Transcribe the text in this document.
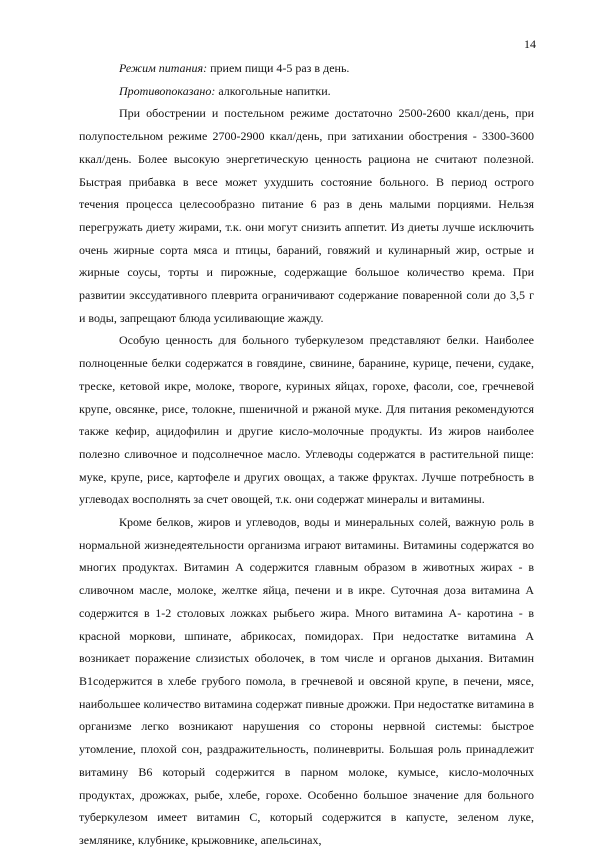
14

Режим питания: прием пищи 4-5 раз в день.

Противопоказано: алкогольные напитки.

При обострении и постельном режиме достаточно 2500-2600 ккал/день, при полупостельном режиме 2700-2900 ккал/день, при затихании обострения - 3300-3600 ккал/день. Более высокую энергетическую ценность рациона не считают полезной. Быстрая прибавка в весе может ухудшить состояние больного. В период острого течения процесса целесообразно питание 6 раз в день малыми порциями. Нельзя перегружать диету жирами, т.к. они могут снизить аппетит. Из диеты лучше исключить очень жирные сорта мяса и птицы, бараний, говяжий и кулинарный жир, острые и жирные соусы, торты и пирожные, содержащие большое количество крема. При развитии экссудативного плеврита ограничивают содержание поваренной соли до 3,5 г и воды, запрещают блюда усиливающие жажду.

Особую ценность для больного туберкулезом представляют белки. Наиболее полноценные белки содержатся в говядине, свинине, баранине, курице, печени, судаке, треске, кетовой икре, молоке, твороге, куриных яйцах, горохе, фасоли, сое, гречневой крупе, овсянке, рисе, толокне, пшеничной и ржаной муке. Для питания рекомендуются также кефир, ацидофилин и другие кисло-молочные продукты. Из жиров наиболее полезно сливочное и подсолнечное масло. Углеводы содержатся в растительной пище: муке, крупе, рисе, картофеле и других овощах, а также фруктах. Лучше потребность в углеводах восполнять за счет овощей, т.к. они содержат минералы и витамины.

Кроме белков, жиров и углеводов, воды и минеральных солей, важную роль в нормальной жизнедеятельности организма играют витамины. Витамины содержатся во многих продуктах. Витамин А содержится главным образом в животных жирах - в сливочном масле, молоке, желтке яйца, печени и в икре. Суточная доза витамина А содержится в 1-2 столовых ложках рыбьего жира. Много витамина А- каротина - в красной моркови, шпинате, абрикосах, помидорах. При недостатке витамина А возникает поражение слизистых оболочек, в том числе и органов дыхания. Витамин В1содержится в хлебе грубого помола, в гречневой и овсяной крупе, в печени, мясе, наибольшее количество витамина содержат пивные дрожжи. При недостатке витамина в организме легко возникают нарушения со стороны нервной системы: быстрое утомление, плохой сон, раздражительность, полиневриты. Большая роль принадлежит витамину В6 который содержится в парном молоке, кумысе, кисло-молочных продуктах, дрожжах, рыбе, хлебе, горохе. Особенно большое значение для больного туберкулезом имеет витамин С, который содержится в капусте, зеленом луке, землянике, клубнике, крыжовнике, апельсинах,
